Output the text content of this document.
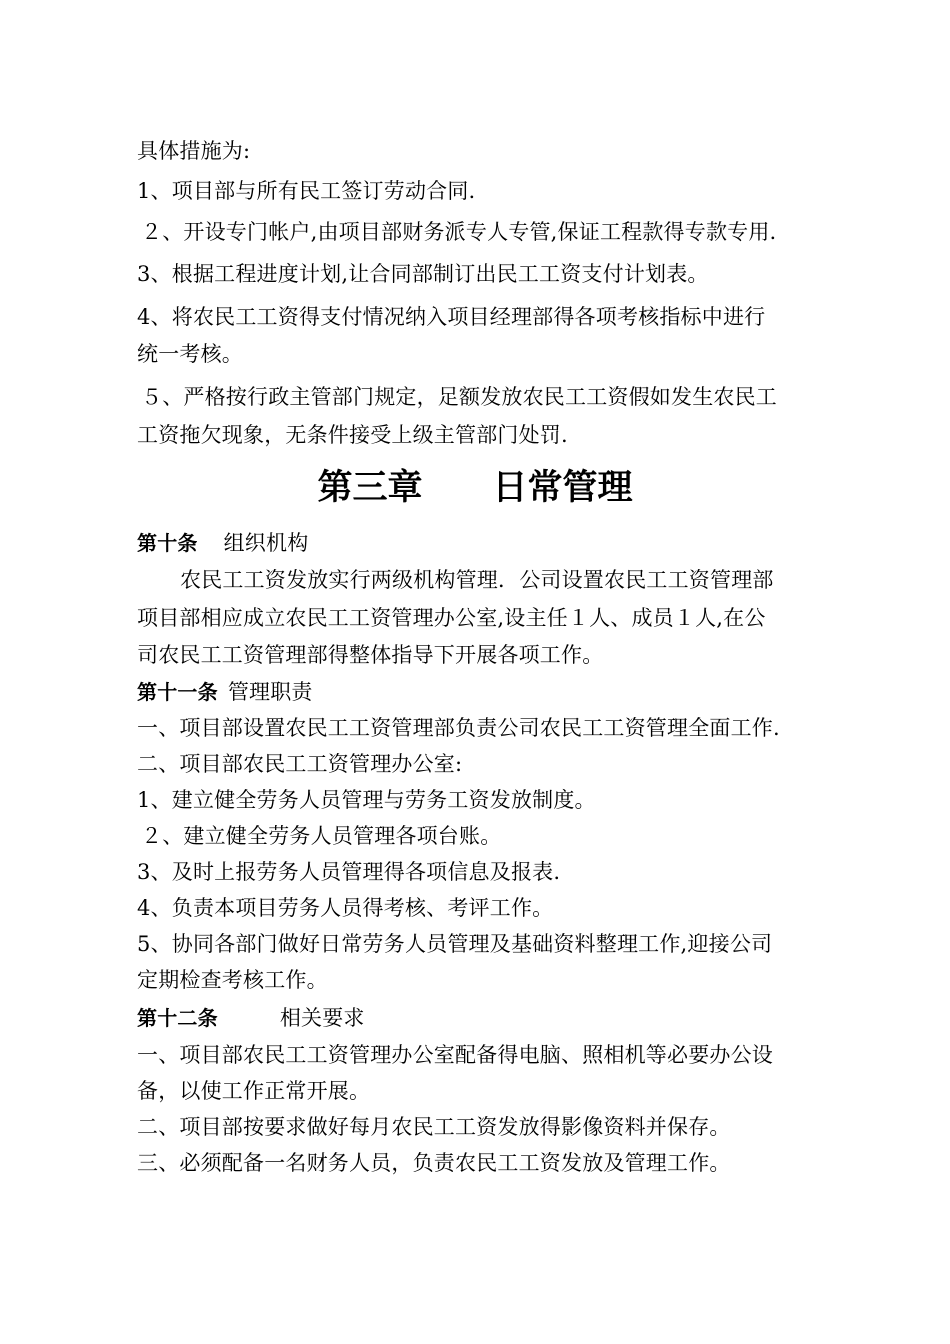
具体措施为:
1、项目部与所有民工签订劳动合同.
２、开设专门帐户,由项目部财务派专人专管,保证工程款得专款专用.
3、根据工程进度计划,让合同部制订出民工工资支付计划表。
4、将农民工工资得支付情况纳入项目经理部得各项考核指标中进行
统一考核。
５、严格按行政主管部门规定，足额发放农民工工资假如发生农民工
工资拖欠现象，无条件接受上级主管部门处罚.
第三章 日常管理
第十条 组织机构
农民工工资发放实行两级机构管理．公司设置农民工工资管理部
项目部相应成立农民工工资管理办公室,设主任１人、成员１人,在公
司农民工工资管理部得整体指导下开展各项工作。
第十一条 管理职责
一、项目部设置农民工工资管理部负责公司农民工工资管理全面工作.
二、项目部农民工工资管理办公室:
1、建立健全劳务人员管理与劳务工资发放制度。
２、建立健全劳务人员管理各项台账。
3、及时上报劳务人员管理得各项信息及报表.
4、负责本项目劳务人员得考核、考评工作。
5、协同各部门做好日常劳务人员管理及基础资料整理工作,迎接公司
定期检查考核工作。
第十二条	相关要求
一、项目部农民工工资管理办公室配备得电脑、照相机等必要办公设
备，以使工作正常开展。
二、项目部按要求做好每月农民工工资发放得影像资料并保存。
三、必须配备一名财务人员，负责农民工工资发放及管理工作。
